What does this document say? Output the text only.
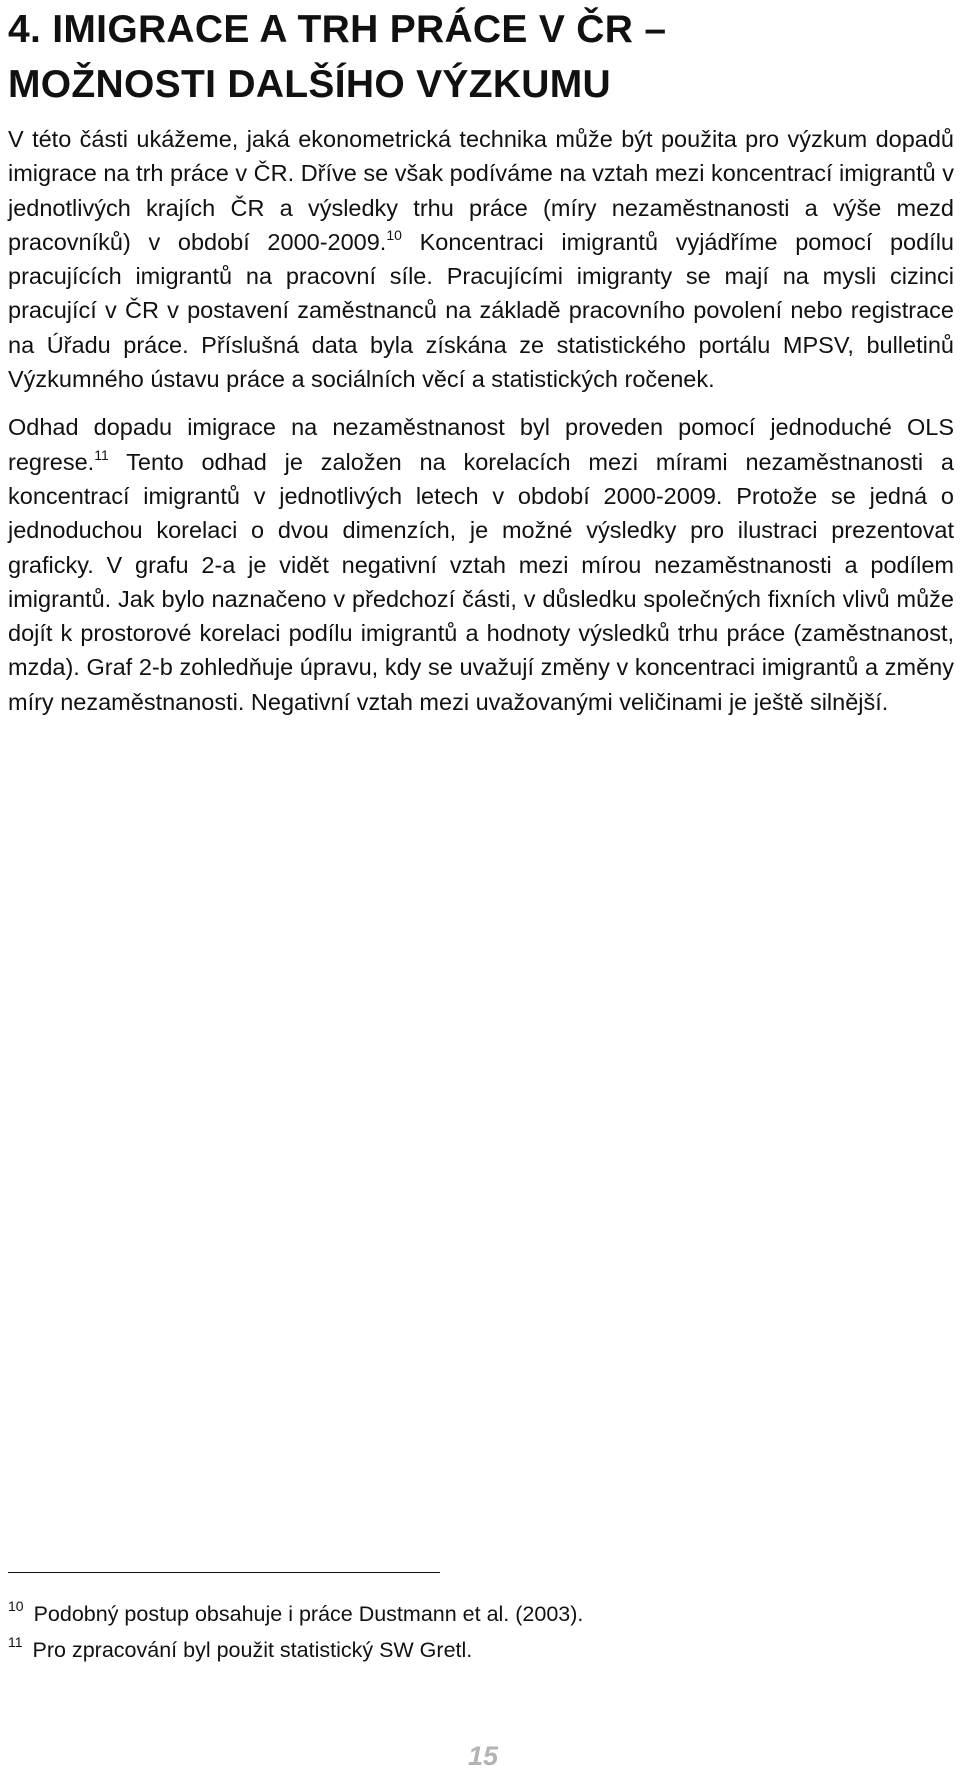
4. IMIGRACE A TRH PRÁCE V ČR –
MOŽNOSTI DALŠÍHO VÝZKUMU

V této části ukážeme, jaká ekonometrická technika může být použita pro výzkum dopadů imigrace na trh práce v ČR. Dříve se však podíváme na vztah mezi koncentrací imigrantů v jednotlivých krajích ČR a výsledky trhu práce (míry nezaměstnanosti a výše mezd pracovníků) v období 2000-2009.10 Koncentraci imigrantů vyjádříme pomocí podílu pracujících imigrantů na pracovní síle. Pracujícími imigranty se mají na mysli cizinci pracující v ČR v postavení zaměstnanců na základě pracovního povolení nebo registrace na Úřadu práce. Příslušná data byla získána ze statistického portálu MPSV, bulletinů Výzkumného ústavu práce a sociálních věcí a statistických ročenek.

Odhad dopadu imigrace na nezaměstnanost byl proveden pomocí jednoduché OLS regrese.$^{11}$ Tento odhad je založen na korelacích mezi mírami nezaměstnanosti a koncentrací imigrantů v jednotlivých letech v období 2000-2009. Protože se jedná o jednoduchou korelaci o dvou dimenzích, je možné výsledky pro ilustraci prezentovat graficky. V grafu 2-a je vidět negativní vztah mezi mírou nezaměstnanosti a podílem imigrantů. Jak bylo naznačeno v předchozí části, v důsledku společných fixních vlivů může dojít k prostorové korelaci podílu imigrantů a hodnoty výsledků trhu práce (zaměstnanost, mzda). Graf 2-b zohledňuje úpravu, kdy se uvažují změny v koncentraci imigrantů a změny míry nezaměstnanosti. Negativní vztah mezi uvažovanými veličinami je ještě silnější.

$^{10}$ Podobný postup obsahuje i práce Dustmann et al. (2003).
$^{11}$ Pro zpracování byl použit statistický SW Gretl.
15
